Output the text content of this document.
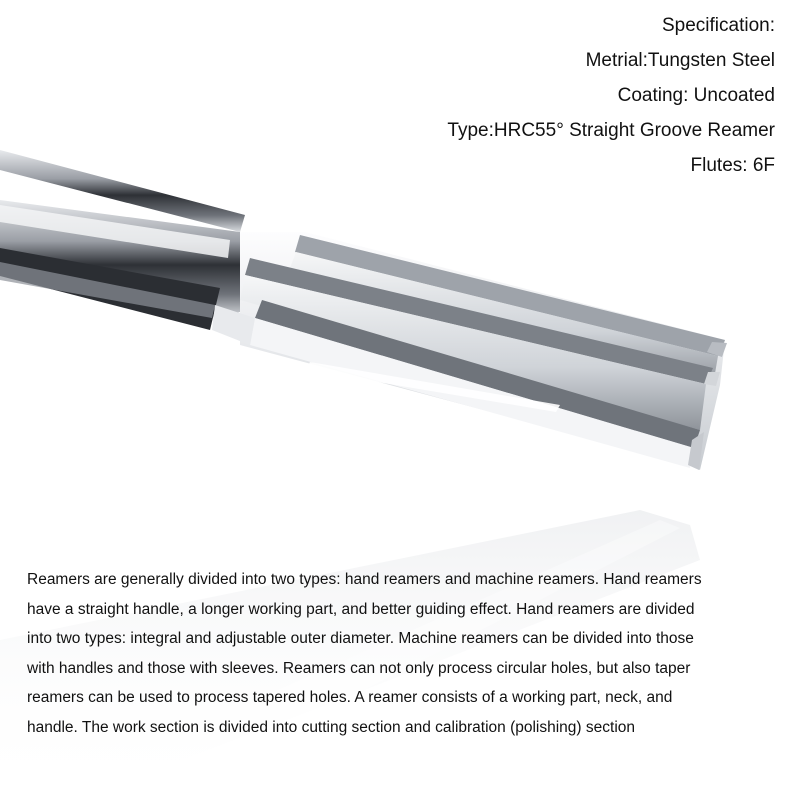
Specification:
Metrial:Tungsten Steel
Coating: Uncoated
Type:HRC55° Straight Groove Reamer
Flutes: 6F
Reamers are generally divided into two types: hand reamers and machine reamers. Hand reamers
have a straight handle, a longer working part, and better guiding effect. Hand reamers are divided
into two types: integral and adjustable outer diameter. Machine reamers can be divided into those
with handles and those with sleeves. Reamers can not only process circular holes, but also taper
reamers can be used to process tapered holes. A reamer consists of a working part, neck, and
handle. The work section is divided into cutting section and calibration (polishing) section
